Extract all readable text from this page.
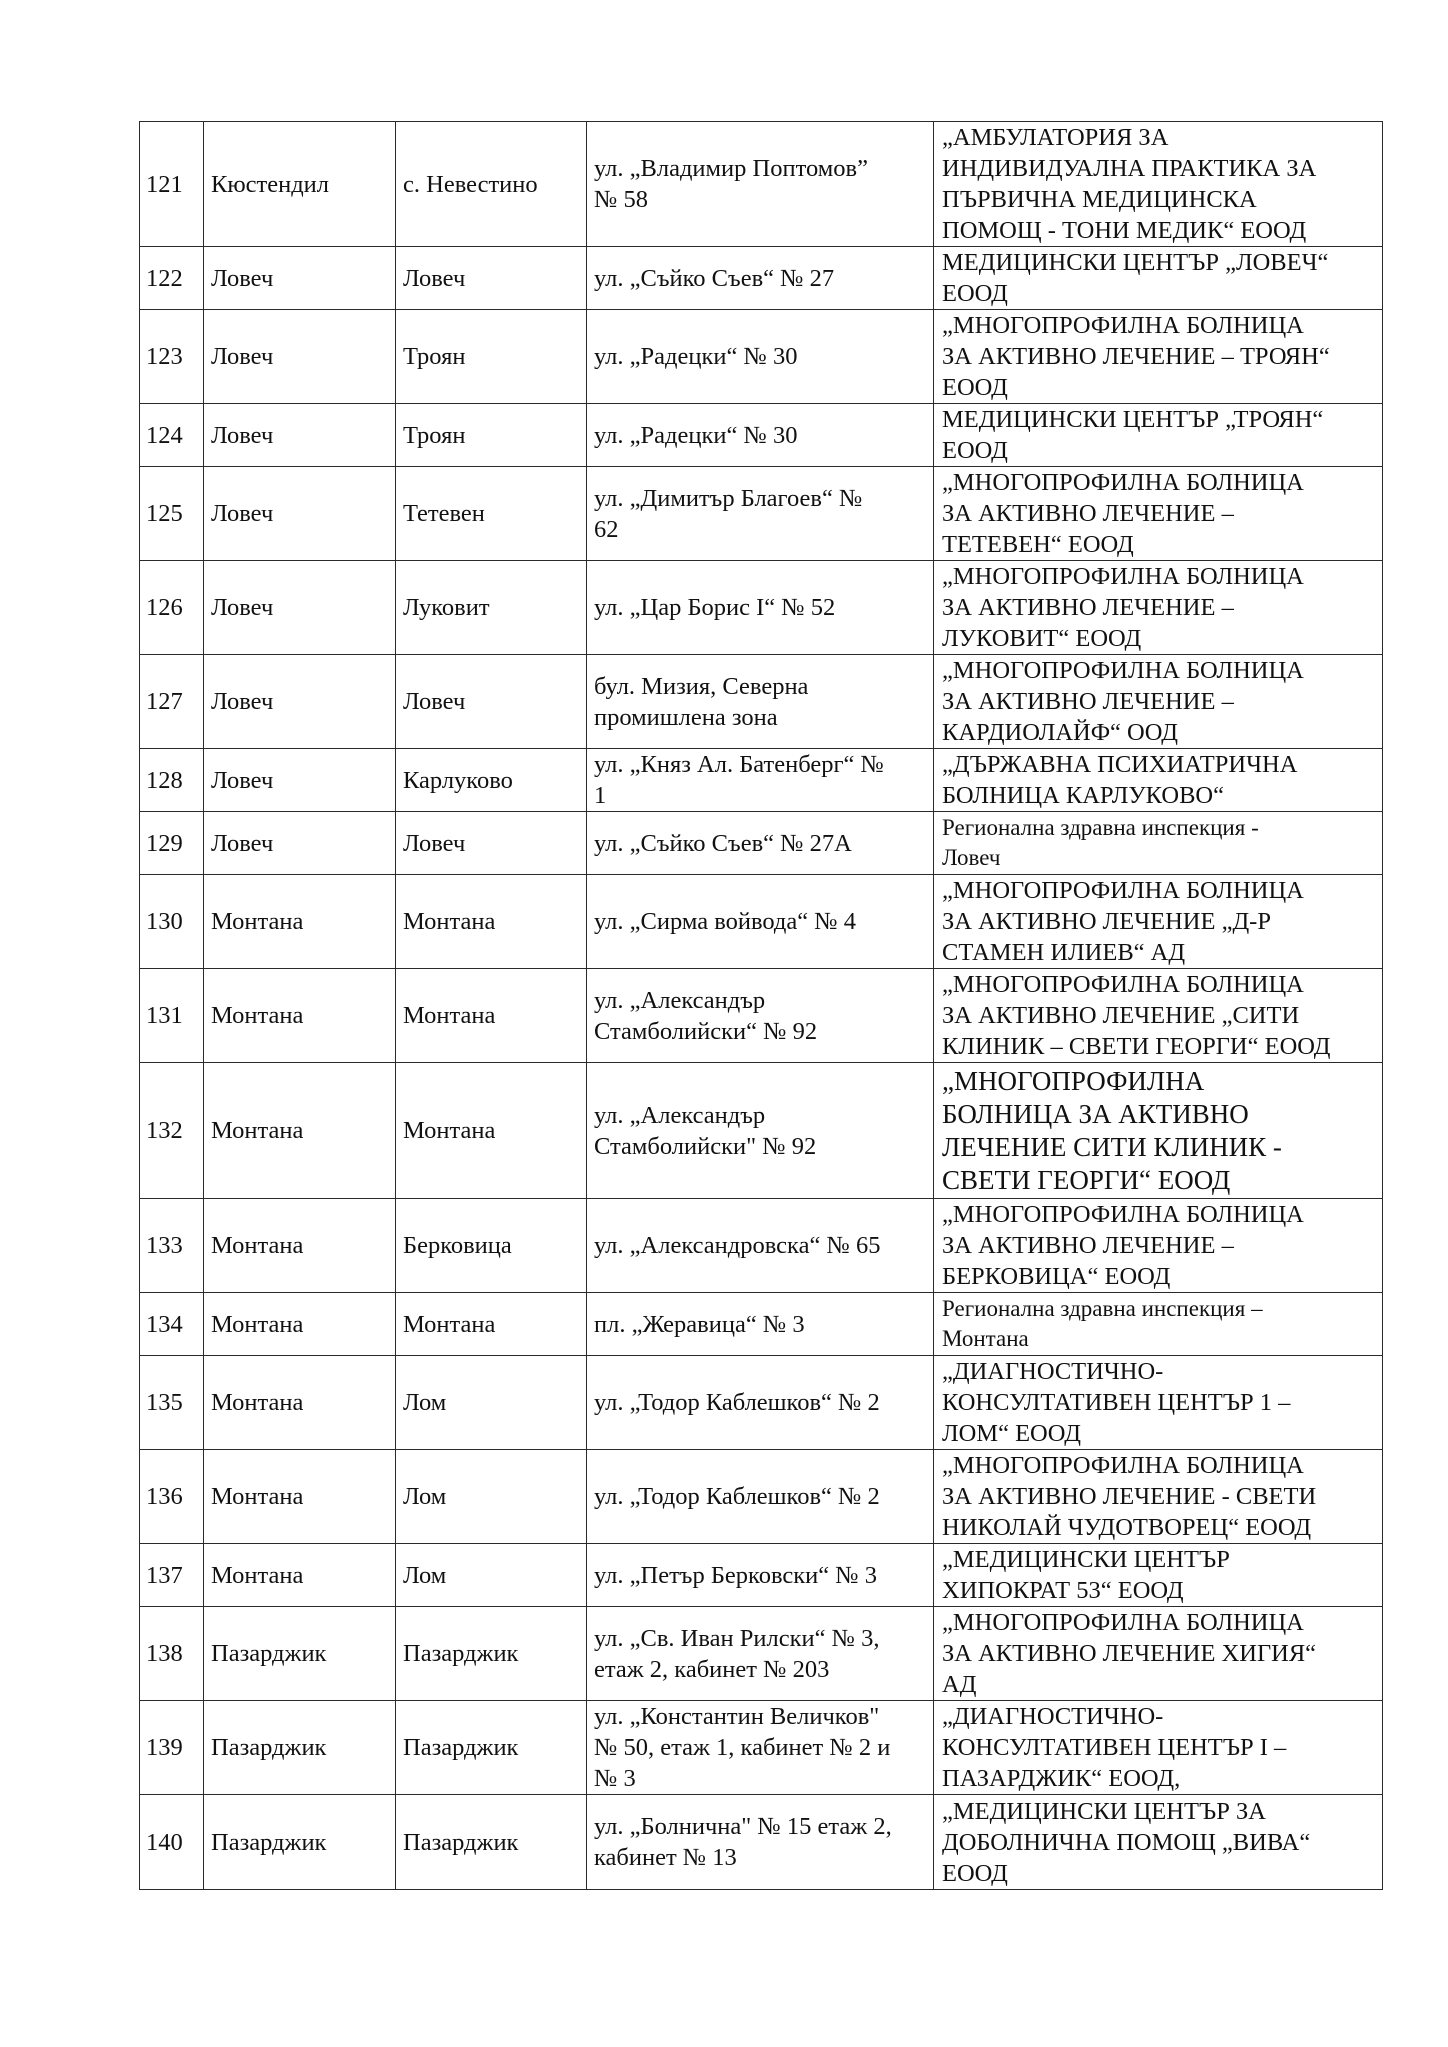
121	Кюстендил	с. Невестино	ул. „Владимир Поптомов”
№ 58	„АМБУЛАТОРИЯ ЗА
ИНДИВИДУАЛНА ПРАКТИКА ЗА
ПЪРВИЧНА МЕДИЦИНСКА
ПОМОЩ - ТОНИ МЕДИК“ ЕООД

122	Ловеч	Ловеч	ул. „Съйко Съев“ № 27	МЕДИЦИНСКИ ЦЕНТЪР „ЛОВЕЧ“
ЕООД

123	Ловеч	Троян	ул. „Радецки“ № 30	„МНОГОПРОФИЛНА БОЛНИЦА
ЗА АКТИВНО ЛЕЧЕНИЕ – ТРОЯН“
ЕООД

124	Ловеч	Троян	ул. „Радецки“ № 30	МЕДИЦИНСКИ ЦЕНТЪР „ТРОЯН“
ЕООД

125	Ловеч	Тетевен	ул. „Димитър Благоев“ №
62	„МНОГОПРОФИЛНА БОЛНИЦА
ЗА АКТИВНО ЛЕЧЕНИЕ –
ТЕТЕВЕН“ ЕООД

126	Ловеч	Луковит	ул. „Цар Борис I“ № 52	„МНОГОПРОФИЛНА БОЛНИЦА
ЗА АКТИВНО ЛЕЧЕНИЕ –
ЛУКОВИТ“ ЕООД

127	Ловеч	Ловеч	бул. Мизия, Северна
промишлена зона	„МНОГОПРОФИЛНА БОЛНИЦА
ЗА АКТИВНО ЛЕЧЕНИЕ –
КАРДИОЛАЙФ“ ООД

128	Ловеч	Карлуково	ул. „Княз Ал. Батенберг“ №
1	„ДЪРЖАВНА ПСИХИАТРИЧНА
БОЛНИЦА КАРЛУКОВО“

129	Ловеч	Ловеч	ул. „Съйко Съев“ № 27А	Регионална здравна инспекция -
Ловеч

130	Монтана	Монтана	ул. „Сирма войвода“ № 4	„МНОГОПРОФИЛНА БОЛНИЦА
ЗА АКТИВНО ЛЕЧЕНИЕ „Д-Р
СТАМЕН ИЛИЕВ“ АД

131	Монтана	Монтана	ул. „Александър
Стамболийски“ № 92	„МНОГОПРОФИЛНА БОЛНИЦА
ЗА АКТИВНО ЛЕЧЕНИЕ „СИТИ
КЛИНИК – СВЕТИ ГЕОРГИ“ ЕООД

132	Монтана	Монтана	ул. „Александър
Стамболийски" № 92	„МНОГОПРОФИЛНА
БОЛНИЦА ЗА АКТИВНО
ЛЕЧЕНИЕ СИТИ КЛИНИК -
СВЕТИ ГЕОРГИ“ ЕООД

133	Монтана	Берковица	ул. „Александровска“ № 65	„МНОГОПРОФИЛНА БОЛНИЦА
ЗА АКТИВНО ЛЕЧЕНИЕ –
БЕРКОВИЦА“ ЕООД

134	Монтана	Монтана	пл. „Жеравица“ № 3	Регионална здравна инспекция –
Монтана

135	Монтана	Лом	ул. „Тодор Каблешков“ № 2	„ДИАГНОСТИЧНО-
КОНСУЛТАТИВЕН ЦЕНТЪР 1 –
ЛОМ“ ЕООД

136	Монтана	Лом	ул. „Тодор Каблешков“ № 2	„МНОГОПРОФИЛНА БОЛНИЦА
ЗА АКТИВНО ЛЕЧЕНИЕ - СВЕТИ
НИКОЛАЙ ЧУДОТВОРЕЦ“ ЕООД

137	Монтана	Лом	ул. „Петър Берковски“ № 3	„МЕДИЦИНСКИ ЦЕНТЪР
ХИПОКРАТ 53“ ЕООД

138	Пазарджик	Пазарджик	ул. „Св. Иван Рилски“ № 3,
етаж 2, кабинет № 203	„МНОГОПРОФИЛНА БОЛНИЦА
ЗА АКТИВНО ЛЕЧЕНИЕ ХИГИЯ“
АД

139	Пазарджик	Пазарджик	ул. „Константин Величков"
№ 50, етаж 1, кабинет № 2 и
№ 3	„ДИАГНОСТИЧНО-
КОНСУЛТАТИВЕН ЦЕНТЪР I –
ПАЗАРДЖИК“ ЕООД,

140	Пазарджик	Пазарджик	ул. „Болнична" № 15 етаж 2,
кабинет № 13	„МЕДИЦИНСКИ ЦЕНТЪР ЗА
ДОБОЛНИЧНА ПОМОЩ „ВИВА“
ЕООД
